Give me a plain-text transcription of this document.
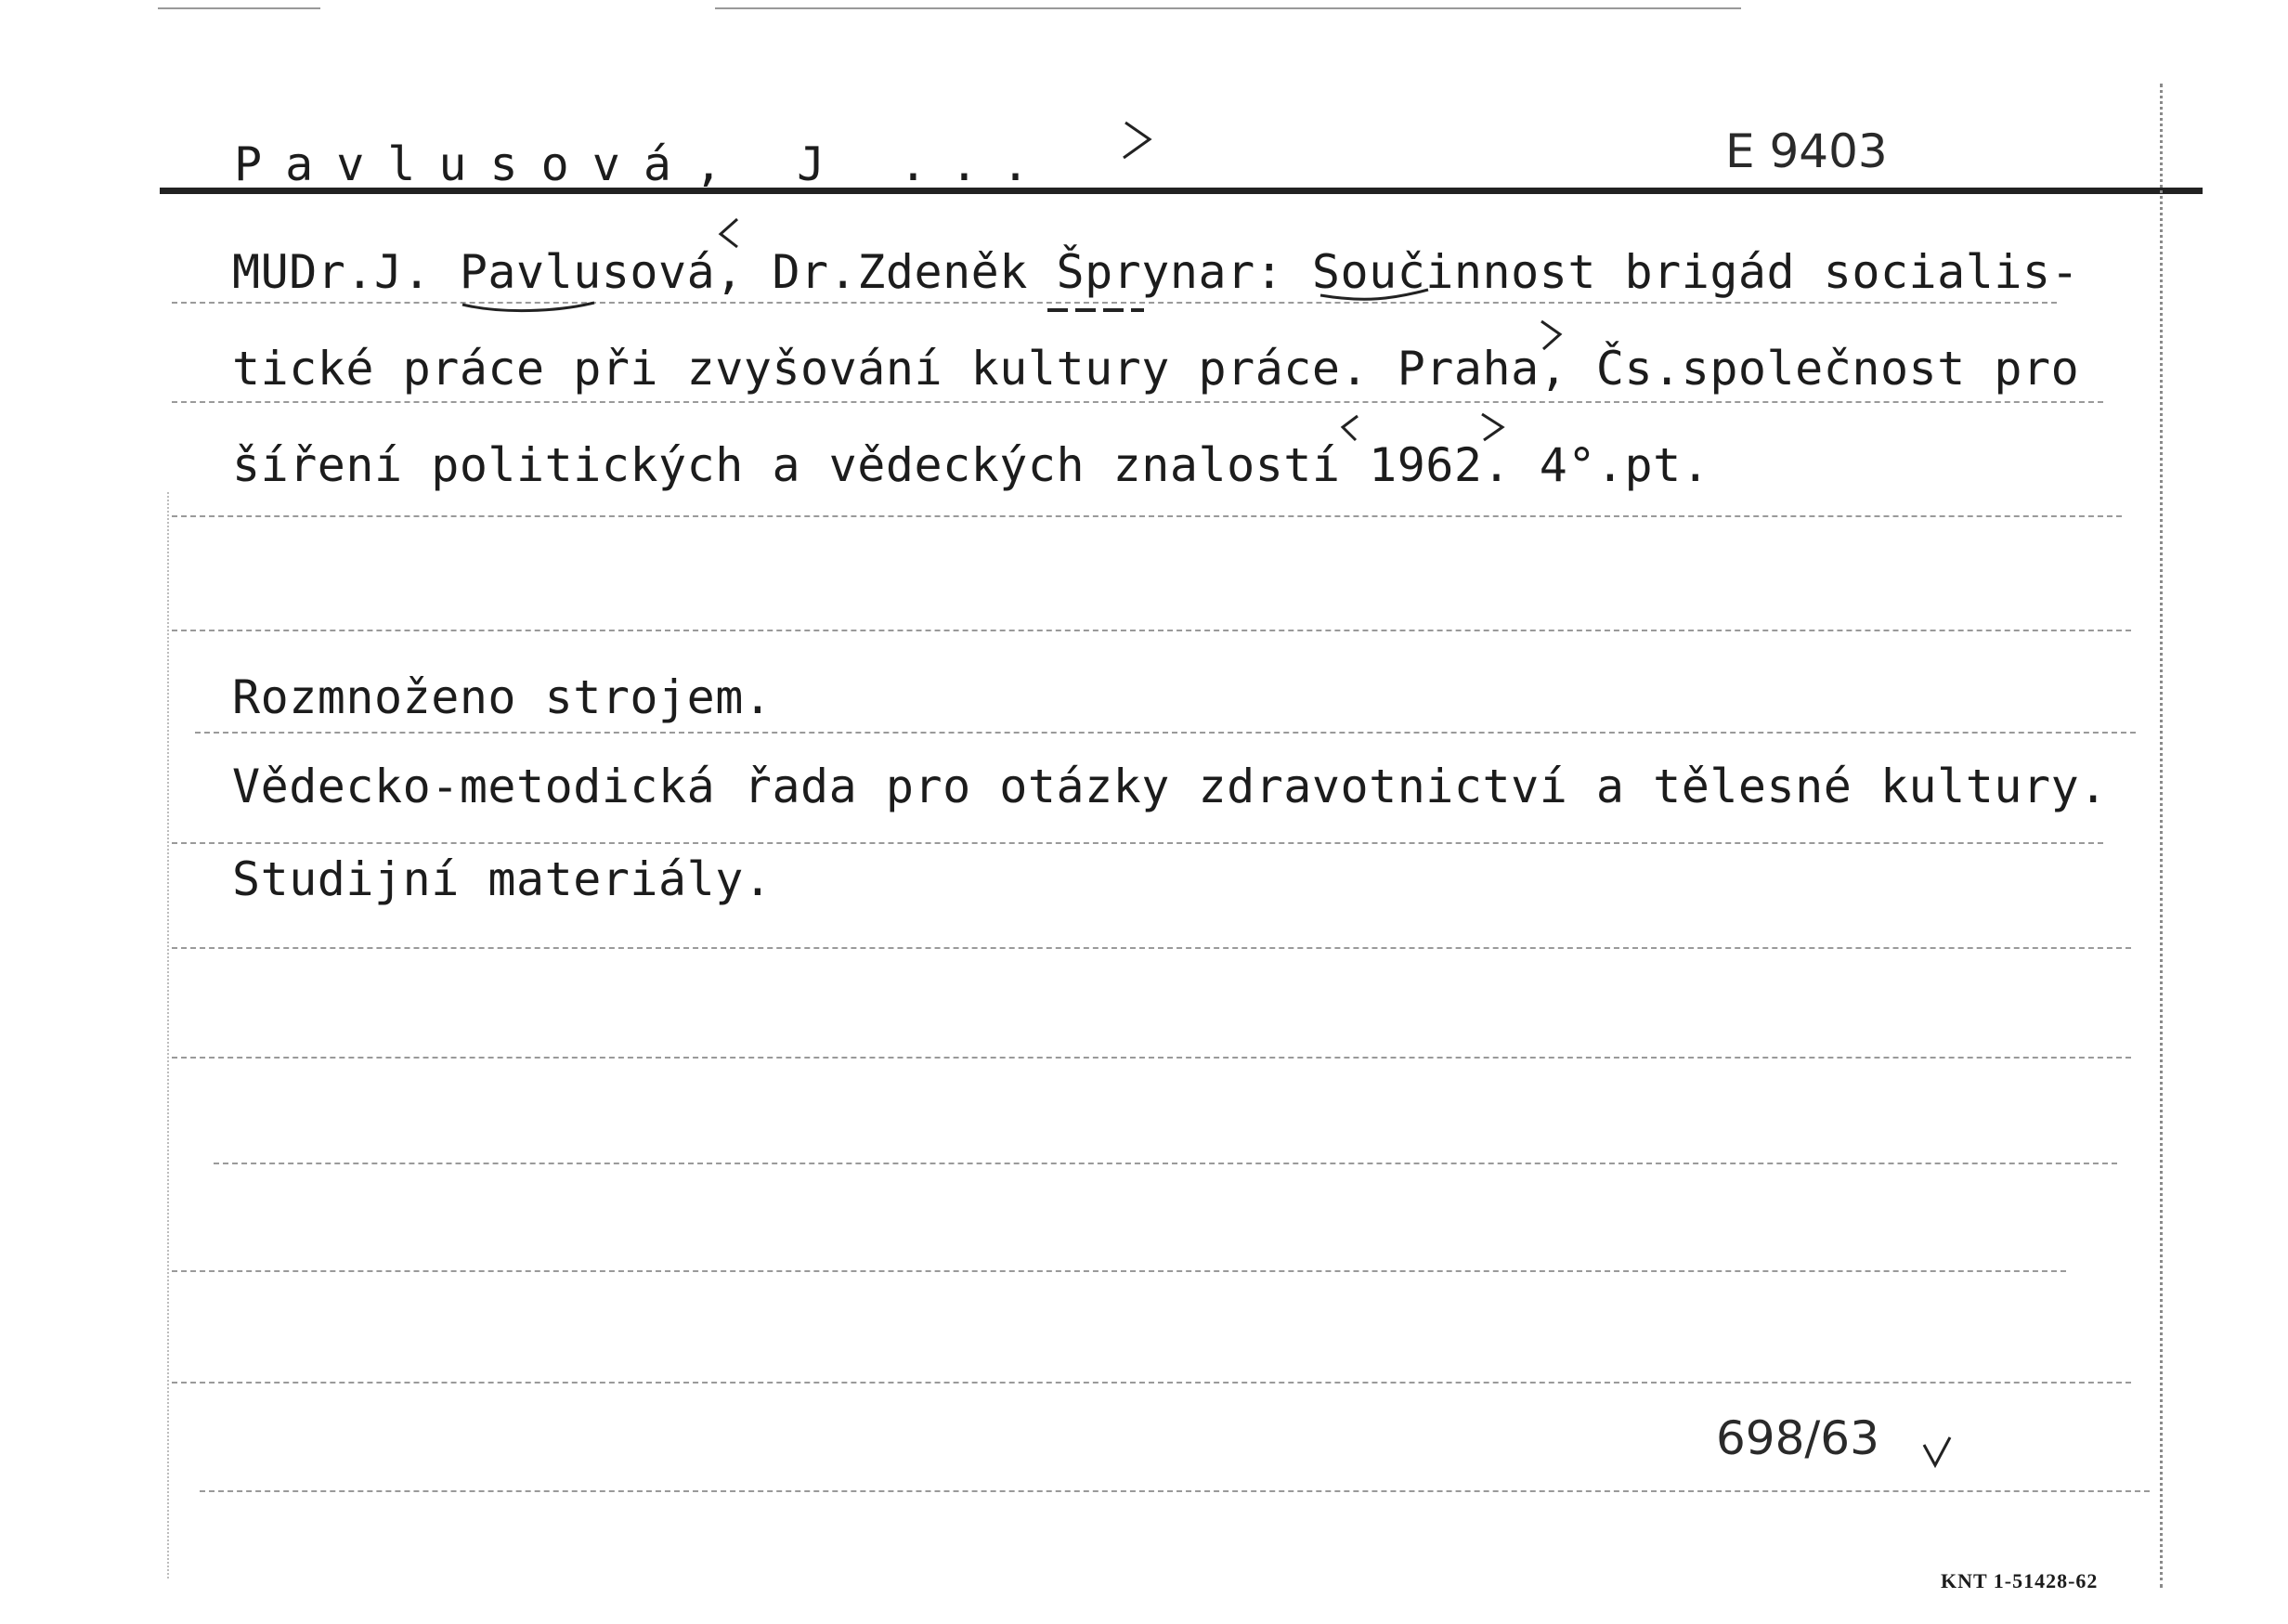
Pavlusová, J ...	E 9403
MUDr.J. Pavlusová, Dr.Zdeněk Šprynar: Součinnost brigád socialis-
tické práce při zvyšování kultury práce. Praha, Čs.společnost pro
šíření politických a vědeckých znalostí 1962. 4°.pt.
Rozmnoženo strojem.
Vědecko-metodická řada pro otázky zdravotnictví a tělesné kultury.
Studijní materiály.
698/63
KNT 1-51428-62
